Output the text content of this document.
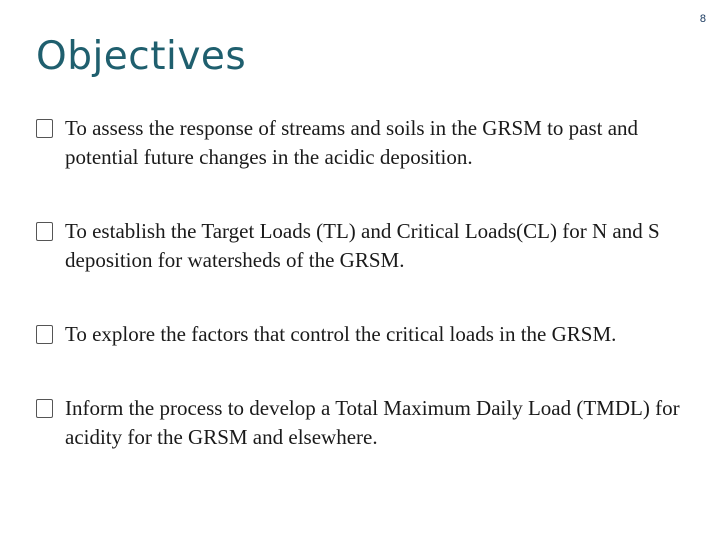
8
Objectives
To assess the response of streams and soils in the GRSM to past and potential future changes in the acidic deposition.
To establish the Target Loads (TL) and Critical Loads(CL) for N and S deposition for watersheds of the GRSM.
To explore the factors that control the critical loads in the GRSM.
Inform the process to develop a Total Maximum Daily Load (TMDL) for acidity for the GRSM and elsewhere.
